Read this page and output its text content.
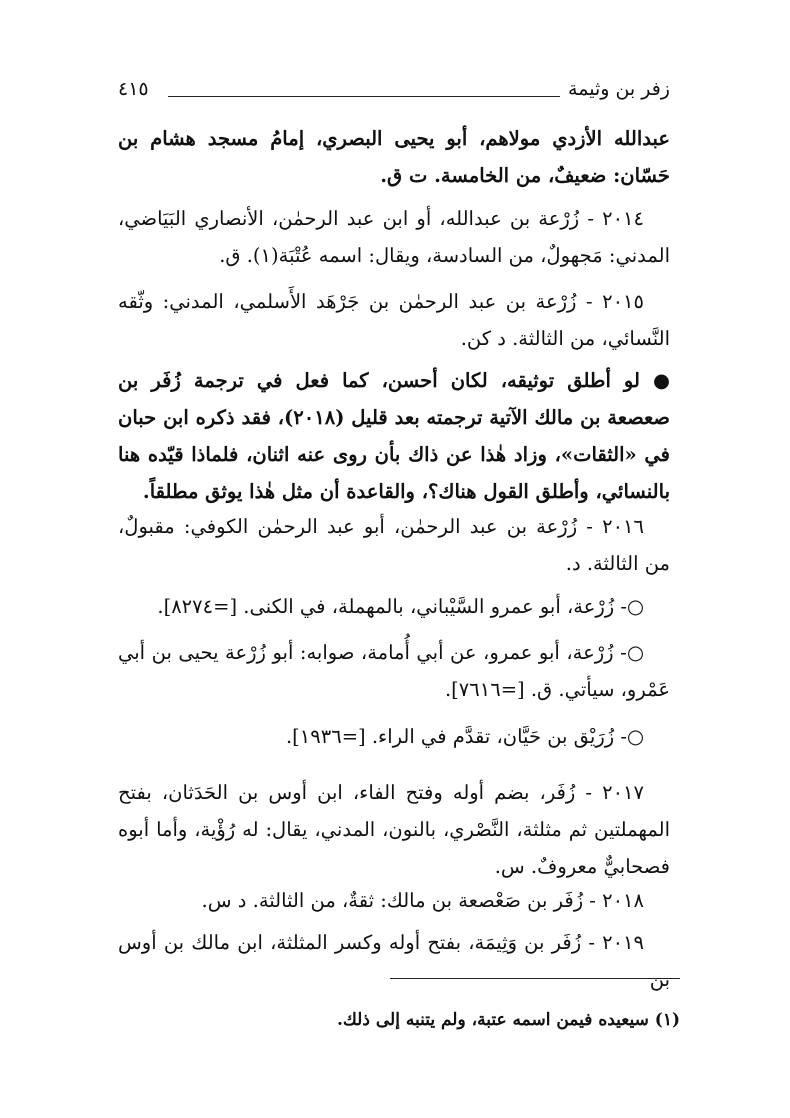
زفر بن وثيمة
٤١٥

عبدالله الأزدي مولاهم، أبو يحيى البصري، إمامُ مسجد هشام بن حَسّان: ضعيفٌ، من الخامسة. ت ق.

٢٠١٤ - زُرْعة بن عبدالله، أو ابن عبد الرحمٰن، الأنصاري البَيَاضي، المدني: مَجهولٌ، من السادسة، ويقال: اسمه عُتْبَة(١). ق.

٢٠١٥ - زُرْعة بن عبد الرحمٰن بن جَرْهَد الأَسلمي، المدني: وثّقه النَّسائي، من الثالثة. د كن.

● لو أطلق توثيقه، لكان أحسن، كما فعل في ترجمة زُفَر بن صعصعة بن مالك الآتية ترجمته بعد قليل (٢٠١٨)، فقد ذكره ابن حبان في «الثقات»، وزاد هٰذا عن ذاك بأن روى عنه اثنان، فلماذا قيّده هنا بالنسائي، وأطلق القول هناك؟، والقاعدة أن مثل هٰذا يوثق مطلقاً.

٢٠١٦ - زُرْعة بن عبد الرحمٰن، أبو عبد الرحمٰن الكوفي: مقبولٌ، من الثالثة. د.

○- زُرْعة، أبو عمرو السَّيْباني، بالمهملة، في الكنى. [=٨٢٧٤].

○- زُرْعة، أبو عمرو، عن أبي أُمامة، صوابه: أبو زُرْعة يحيى بن أبي عَمْرو، سيأتي. ق. [=٧٦١٦].

○- زُرَيْق بن حَيَّان، تقدَّم في الراء. [=١٩٣٦].

٢٠١٧ - زُفَر، بضم أوله وفتح الفاء، ابن أوس بن الحَدَثان، بفتح المهملتين ثم مثلثة، النَّصْري، بالنون، المدني، يقال: له رُؤْية، وأما أبوه فصحابيٌّ معروفٌ. س.

٢٠١٨ - زُفَر بن صَعْصعة بن مالك: ثقةٌ، من الثالثة. د س.

٢٠١٩ - زُفَر بن وَثِيمَة، بفتح أوله وكسر المثلثة، ابن مالك بن أوس بن

(١) سيعيده فيمن اسمه عتبة، ولم يتنبه إلى ذلك.
